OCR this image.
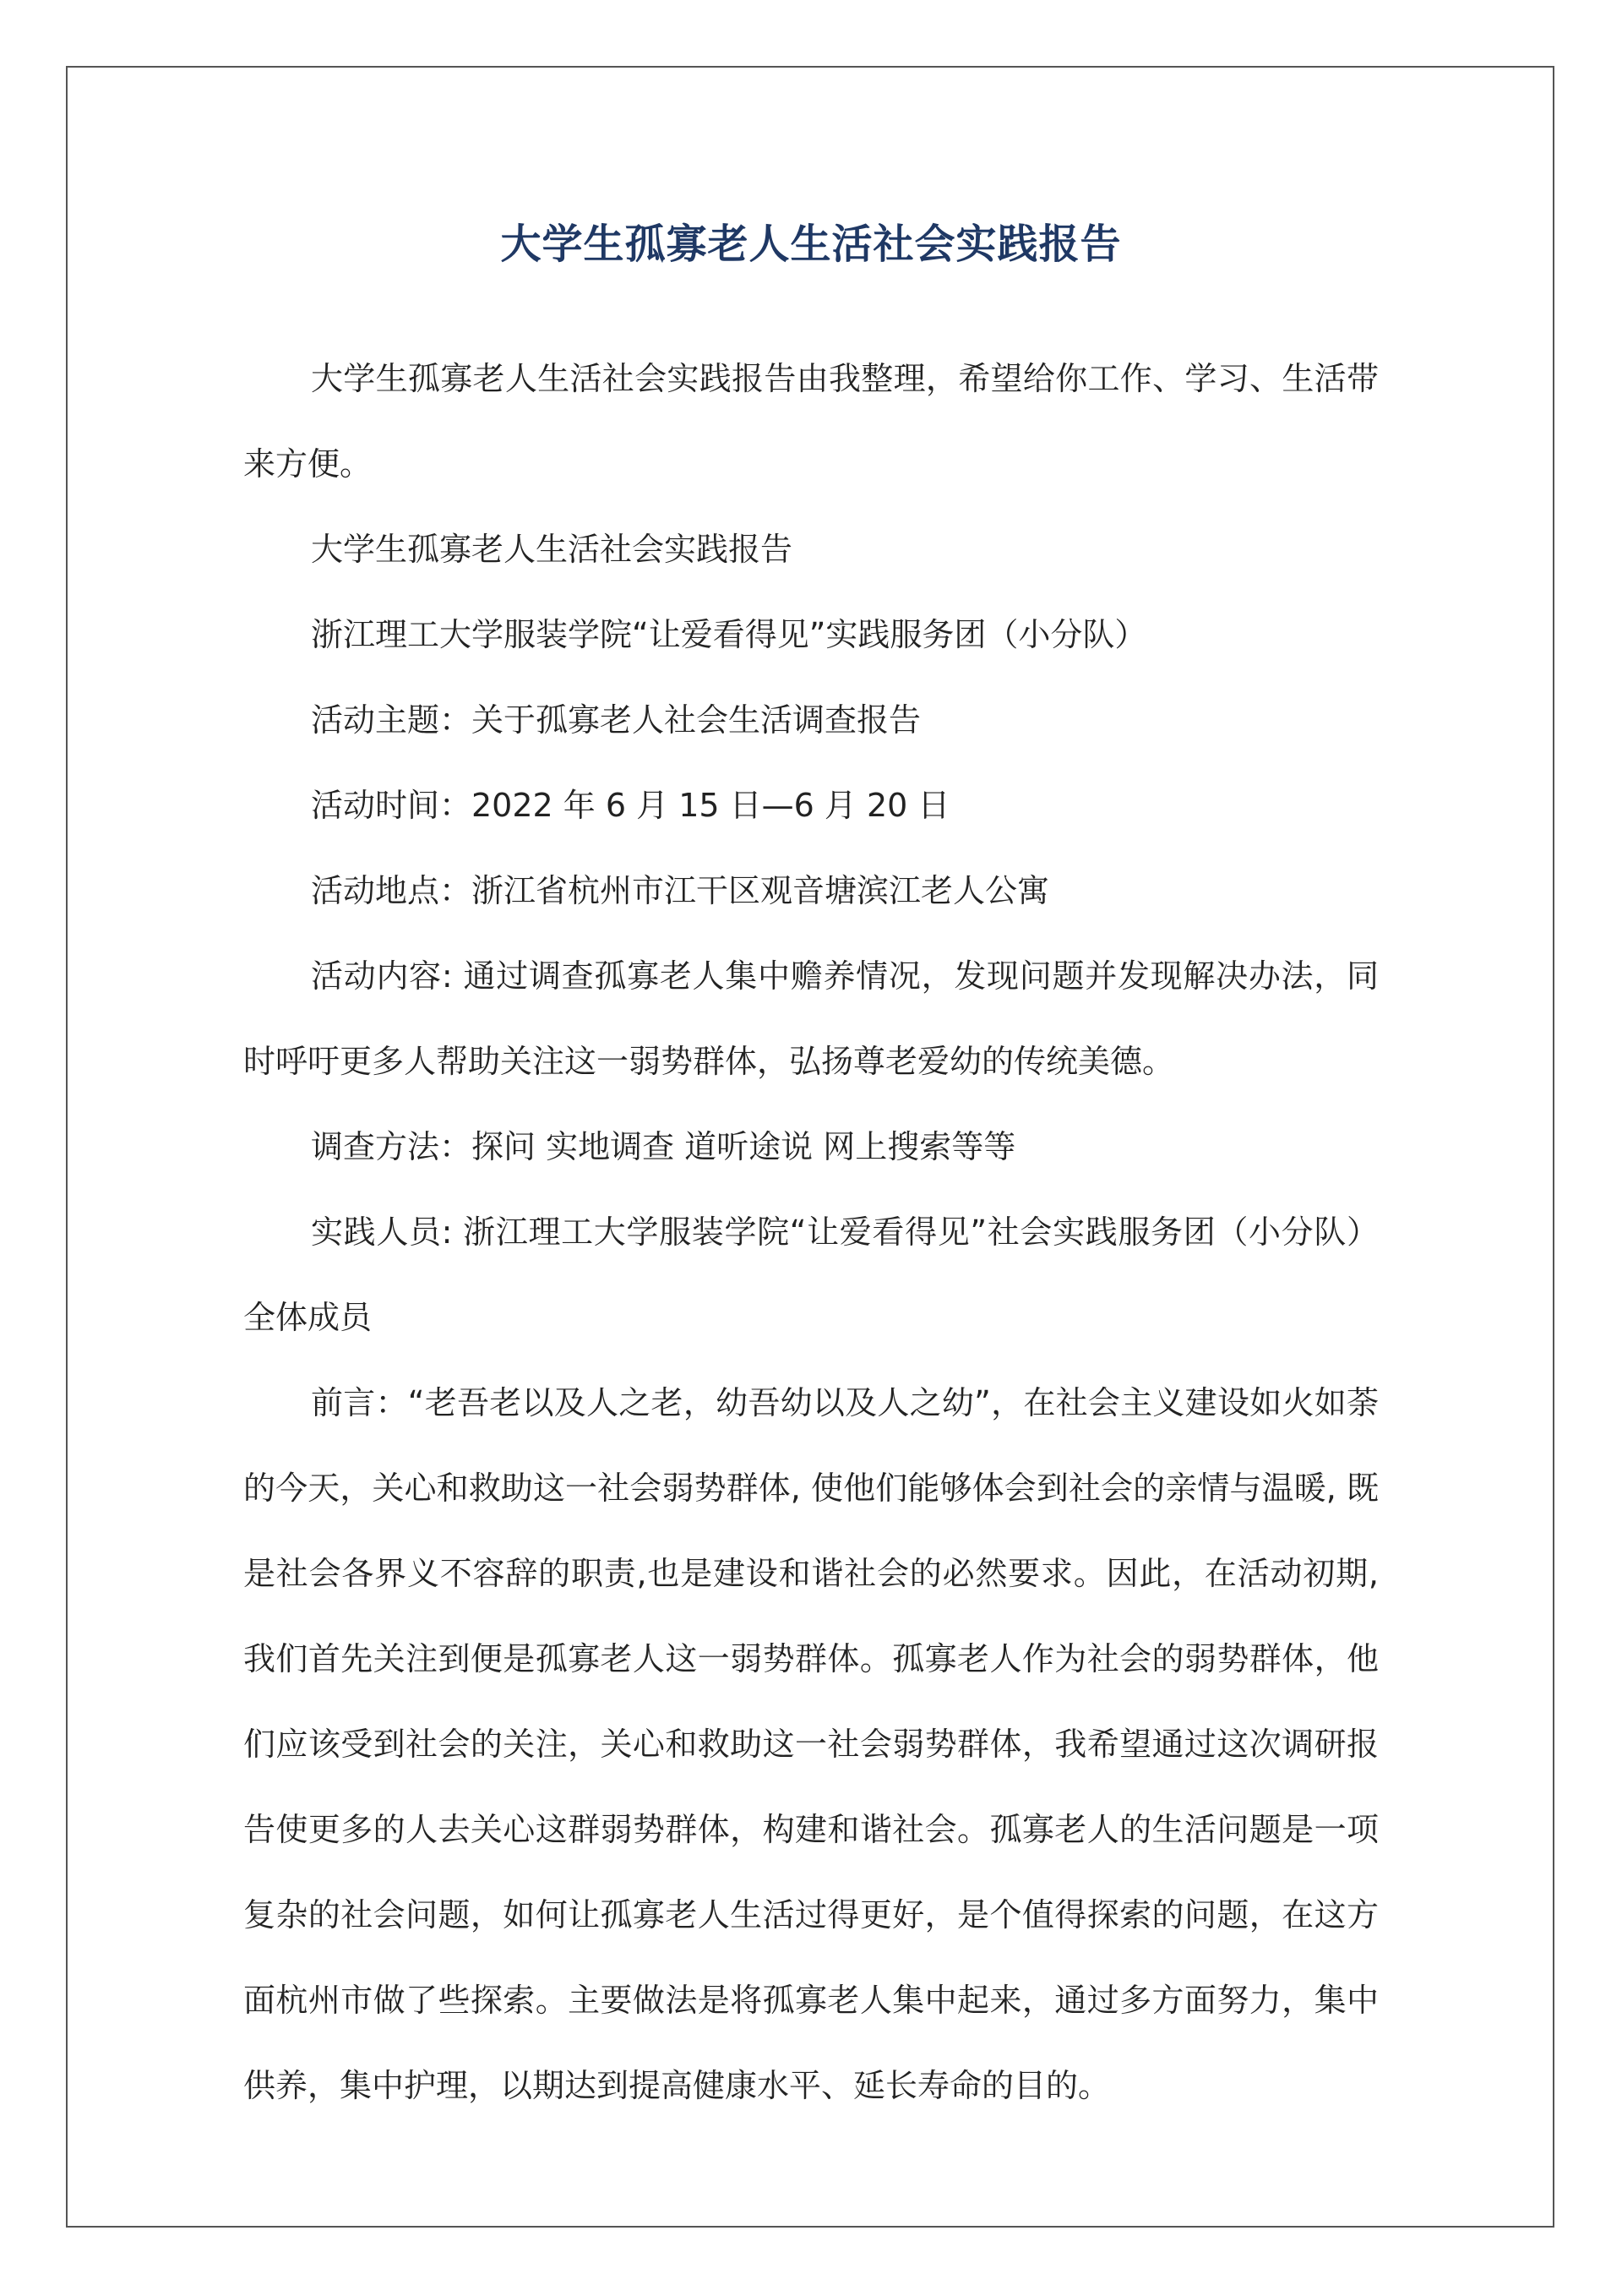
大学生孤寡老人生活社会实践报告

大学生孤寡老人生活社会实践报告由我整理，希望给你工作、学习、生活带来方便。

大学生孤寡老人生活社会实践报告

浙江理工大学服装学院“让爱看得见”实践服务团（小分队）

活动主题：关于孤寡老人社会生活调查报告

活动时间：2022 年 6 月 15 日—6 月 20 日

活动地点：浙江省杭州市江干区观音塘滨江老人公寓

活动内容: 通过调查孤寡老人集中赡养情况，发现问题并发现解决办法，同时呼吁更多人帮助关注这一弱势群体，弘扬尊老爱幼的传统美德。

调查方法：探问 实地调查 道听途说 网上搜索等等

实践人员: 浙江理工大学服装学院“让爱看得见”社会实践服务团（小分队）全体成员

前言：“老吾老以及人之老，幼吾幼以及人之幼”，在社会主义建设如火如荼的今天，关心和救助这一社会弱势群体, 使他们能够体会到社会的亲情与温暖, 既是社会各界义不容辞的职责,也是建设和谐社会的必然要求。因此，在活动初期, 我们首先关注到便是孤寡老人这一弱势群体。孤寡老人作为社会的弱势群体，他们应该受到社会的关注，关心和救助这一社会弱势群体，我希望通过这次调研报告使更多的人去关心这群弱势群体，构建和谐社会。孤寡老人的生活问题是一项复杂的社会问题，如何让孤寡老人生活过得更好，是个值得探索的问题，在这方面杭州市做了些探索。主要做法是将孤寡老人集中起来，通过多方面努力，集中供养，集中护理，以期达到提高健康水平、延长寿命的目的。
